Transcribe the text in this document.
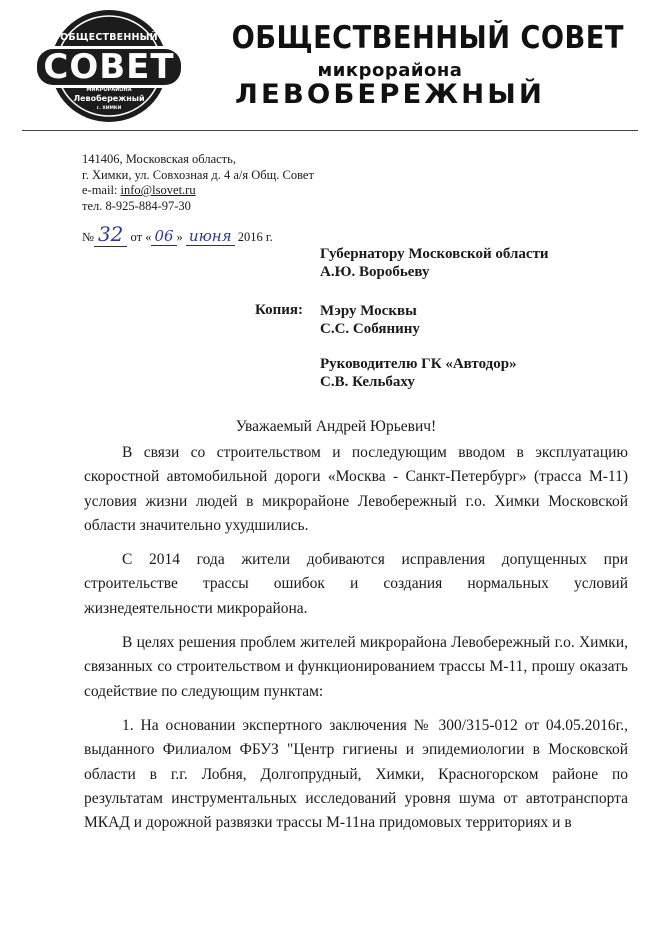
ОБЩЕСТВЕННЫЙ
СОВЕТ
МИКРОРАЙОНА
Левобережный
г. ХИМКИ
ОБЩЕСТВЕННЫЙ СОВЕТ
микрорайона
ЛЕВОБЕРЕЖНЫЙ
141406, Московская область,
г. Химки, ул. Совхозная д. 4 а/я Общ. Совет
e-mail: info@lsovet.ru
тел. 8-925-884-97-30
№ 32 от « 06 » июня 2016 г.
Губернатору Московской области
А.Ю. Воробьеву
Копия: Мэру Москвы
С.С. Собянину
Руководителю ГК «Автодор»
С.В. Кельбаху
Уважаемый Андрей Юрьевич!

В связи со строительством и последующим вводом в эксплуатацию скоростной автомобильной дороги «Москва - Санкт-Петербург» (трасса М-11) условия жизни людей в микрорайоне Левобережный г.о. Химки Московской области значительно ухудшились.

С 2014 года жители добиваются исправления допущенных при строительстве трассы ошибок и создания нормальных условий жизнедеятельности микрорайона.

В целях решения проблем жителей микрорайона Левобережный г.о. Химки, связанных со строительством и функционированием трассы М-11, прошу оказать содействие по следующим пунктам:

1. На основании экспертного заключения № 300/315-012 от 04.05.2016г., выданного Филиалом ФБУЗ "Центр гигиены и эпидемиологии в Московской области в г.г. Лобня, Долгопрудный, Химки, Красногорском районе по результатам инструментальных исследований уровня шума от автотранспорта МКАД и дорожной развязки трассы М-11на придомовых территориях и в
